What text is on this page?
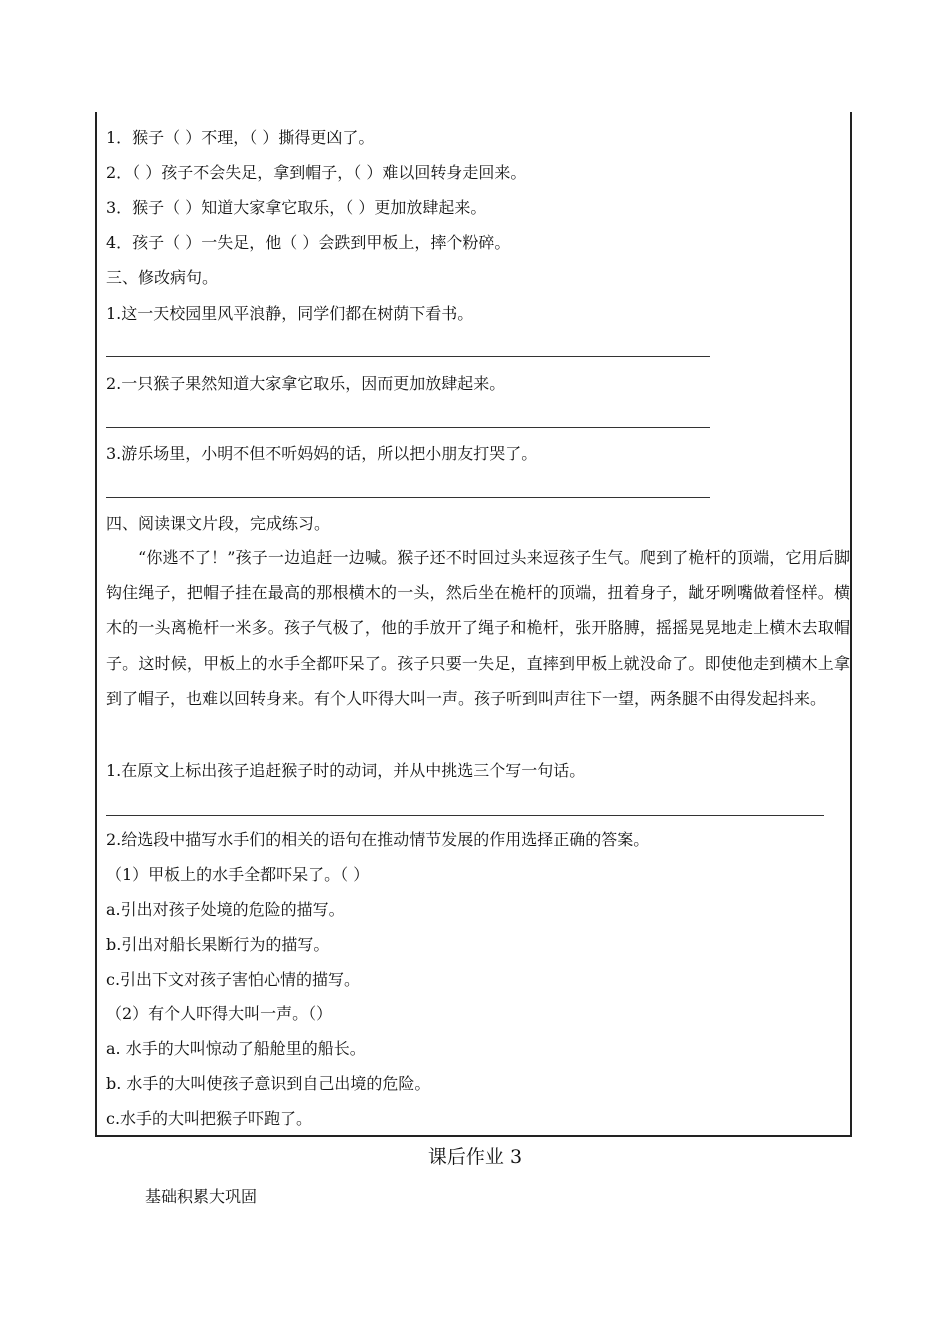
1．猴子（ ）不理，（ ）撕得更凶了。
2．（ ）孩子不会失足，拿到帽子，（ ）难以回转身走回来。
3．猴子（ ）知道大家拿它取乐，（ ）更加放肆起来。
4．孩子（ ）一失足，他（ ）会跌到甲板上，摔个粉碎。
三、修改病句。
1.这一天校园里风平浪静，同学们都在树荫下看书。
2.一只猴子果然知道大家拿它取乐，因而更加放肆起来。
3.游乐场里，小明不但不听妈妈的话，所以把小朋友打哭了。
四、阅读课文片段，完成练习。
“你逃不了！”孩子一边追赶一边喊。猴子还不时回过头来逗孩子生气。爬到了桅杆的顶端，它用后脚钩住绳子，把帽子挂在最高的那根横木的一头，然后坐在桅杆的顶端，扭着身子，龇牙咧嘴做着怪样。横木的一头离桅杆一米多。孩子气极了，他的手放开了绳子和桅杆，张开胳膊，摇摇晃晃地走上横木去取帽子。这时候，甲板上的水手全都吓呆了。孩子只要一失足，直摔到甲板上就没命了。即使他走到横木上拿到了帽子，也难以回转身来。有个人吓得大叫一声。孩子听到叫声往下一望，两条腿不由得发起抖来。
1.在原文上标出孩子追赶猴子时的动词，并从中挑选三个写一句话。
2.给选段中描写水手们的相关的语句在推动情节发展的作用选择正确的答案。
（1）甲板上的水手全都吓呆了。（ ）
a.引出对孩子处境的危险的描写。
b.引出对船长果断行为的描写。
c.引出下文对孩子害怕心情的描写。
（2）有个人吓得大叫一声。（）
a. 水手的大叫惊动了船舱里的船长。
b. 水手的大叫使孩子意识到自己出境的危险。
c.水手的大叫把猴子吓跑了。
课后作业 3
基础积累大巩固
